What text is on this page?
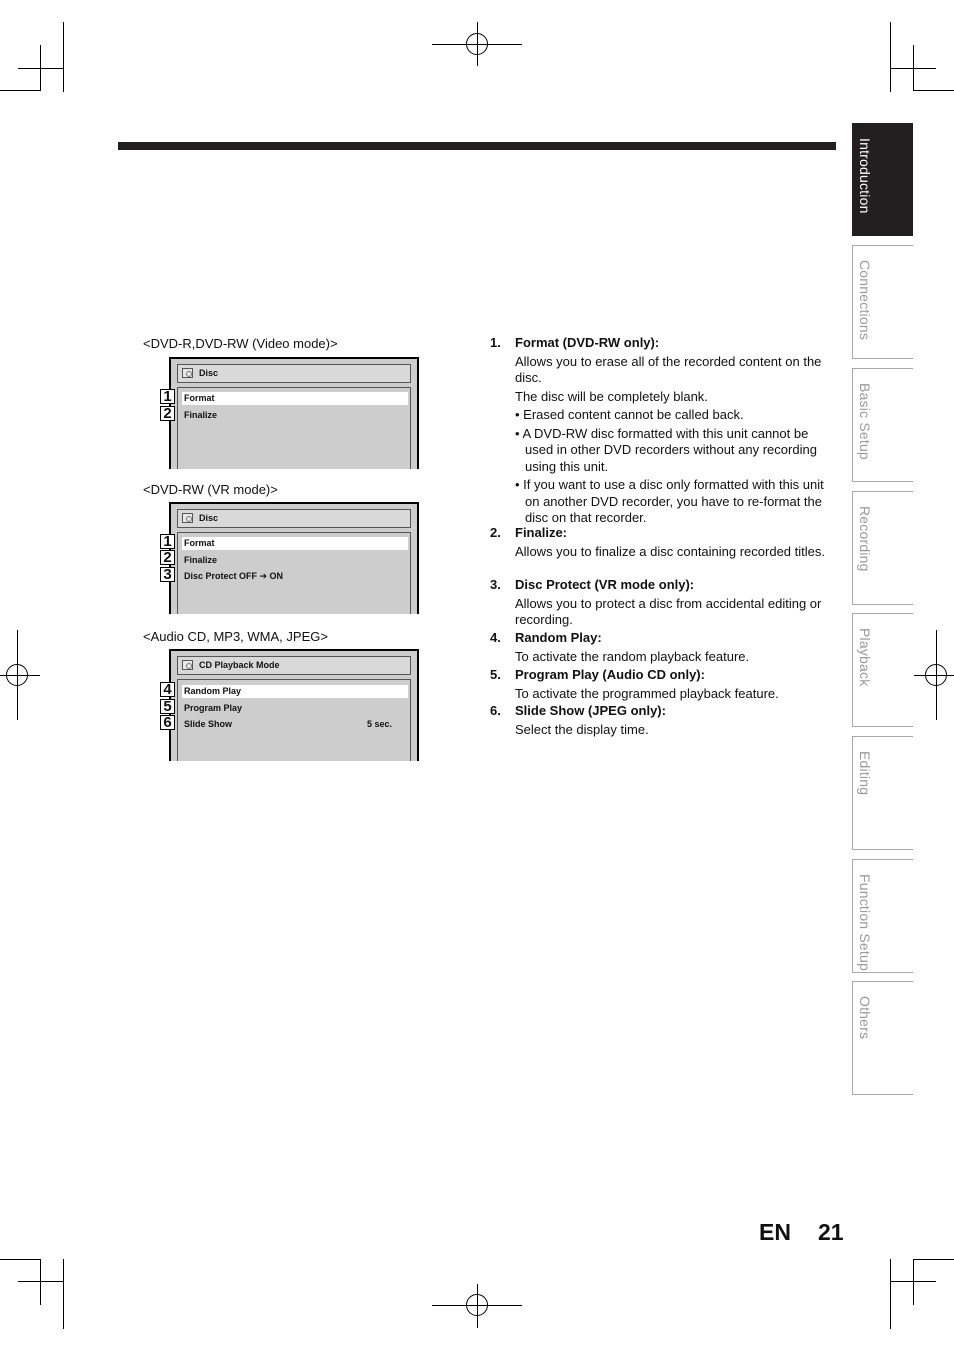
Introduction
Connections
Basic Setup
Recording
Playback
Editing
Function Setup
Others
<DVD-R,DVD-RW (Video mode)>
Disc
Format
Finalize
1
2
<DVD-RW (VR mode)>
Disc
Format
Finalize
Disc Protect OFF ➔ ON
1
2
3
<Audio CD, MP3, WMA, JPEG>
CD Playback Mode
Random Play
Program Play
Slide Show	5 sec.
4
5
6

1. Format (DVD-RW only):

Allows you to erase all of the recorded content on the disc.

The disc will be completely blank.

• Erased content cannot be called back.

• A DVD-RW disc formatted with this unit cannot be used in other DVD recorders without any recording using this unit.

• If you want to use a disc only formatted with this unit on another DVD recorder, you have to re-format the disc on that recorder.

2. Finalize:

Allows you to finalize a disc containing recorded titles.

3. Disc Protect (VR mode only):

Allows you to protect a disc from accidental editing or recording.

4. Random Play:

To activate the random playback feature.

5. Program Play (Audio CD only):

To activate the programmed playback feature.

6. Slide Show (JPEG only):

Select the display time.

EN 21
